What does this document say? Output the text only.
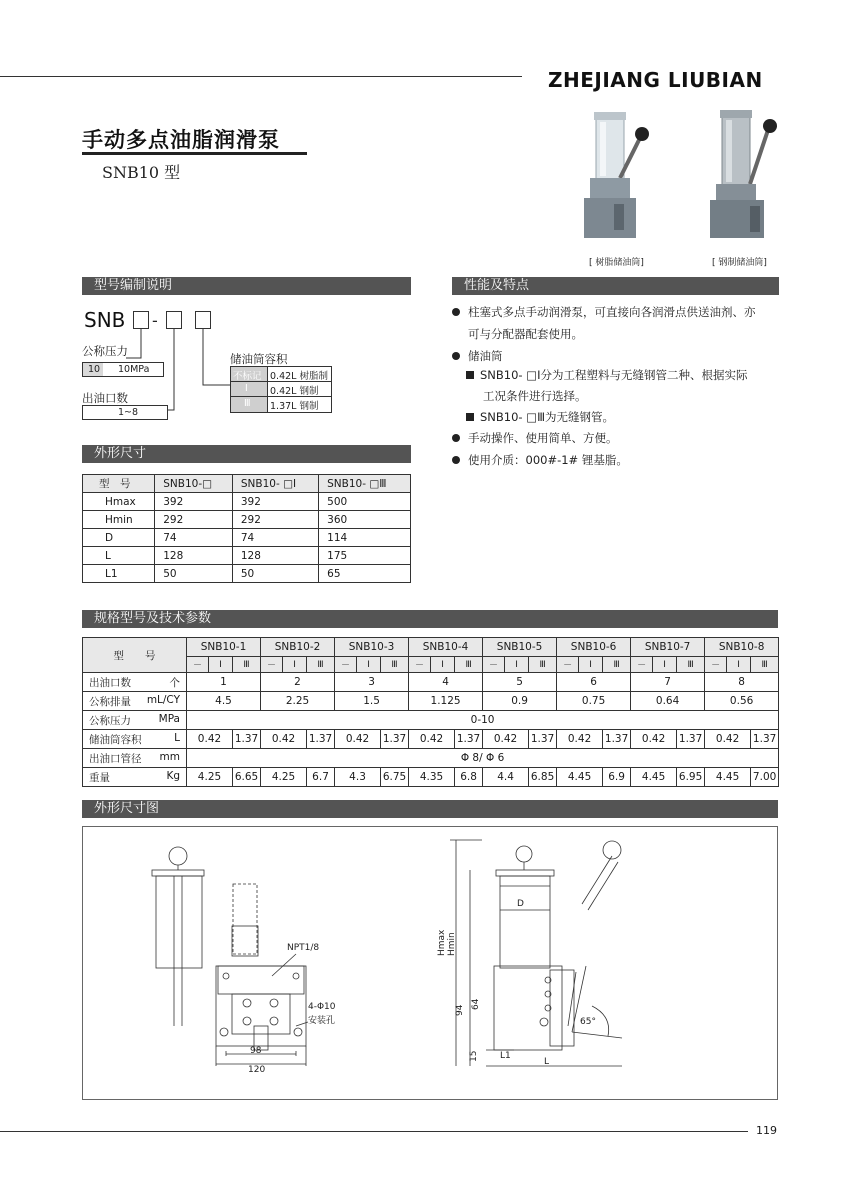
ZHEJIANG LIUBIAN
手动多点油脂润滑泵
SNB10 型
[ 树脂储油筒]	[ 钢制储油筒]
型号编制说明	性能及特点
外形尺寸
规格型号及技术参数
外形尺寸图
SNB -
公称压力
10 10MPa
出油口数
1~8
储油筒容积
不标记 0.42L 树脂制
Ⅰ 0.42L 钢制
Ⅲ 1.37L 钢制
柱塞式多点手动润滑泵，可直接向各润滑点供送油剂、亦
可与分配器配套使用。
储油筒
SNB10- □Ⅰ分为工程塑料与无缝钢管二种、根据实际
工况条件进行选择。
SNB10- □Ⅲ为无缝钢管。
手动操作、使用简单、方便。
使用介质：000#-1# 锂基脂。
型　号	SNB10-□	SNB10- □Ⅰ	SNB10- □Ⅲ
Hmax	392	392	500
Hmin	292	292	360
D	74	74	114
L	128	128	175
L1	50	50	65
型　　号	SNB10-1			SNB10-2			SNB10-3			SNB10-4			SNB10-5			SNB10-6			SNB10-7			SNB10-8		
	－	Ⅰ	Ⅲ	－	Ⅰ	Ⅲ	－	Ⅰ	Ⅲ	－	Ⅰ	Ⅲ	－	Ⅰ	Ⅲ	－	Ⅰ	Ⅲ	－	Ⅰ	Ⅲ	－	Ⅰ	Ⅲ
出油口数 个	1			2			3			4			5			6			7			8		
公称排量 mL/CY	4.5			2.25			1.5			1.125			0.9			0.75			0.64			0.56		
公称压力 MPa	0-10																							
储油筒容积 L	0.42		1.37	0.42		1.37	0.42		1.37	0.42		1.37	0.42		1.37	0.42		1.37	0.42		1.37	0.42		1.37
出油口管径 mm	Φ 8/ Φ 6																							
重量 Kg	4.25		6.65	4.25		6.7	4.3		6.75	4.35		6.8	4.4		6.85	4.45		6.9	4.45		6.95	4.45		7.00
NPT1/8
4-Φ10
安装孔
98
120
D
Hmax Hmin
94
64
15 L1
L
65°
119
